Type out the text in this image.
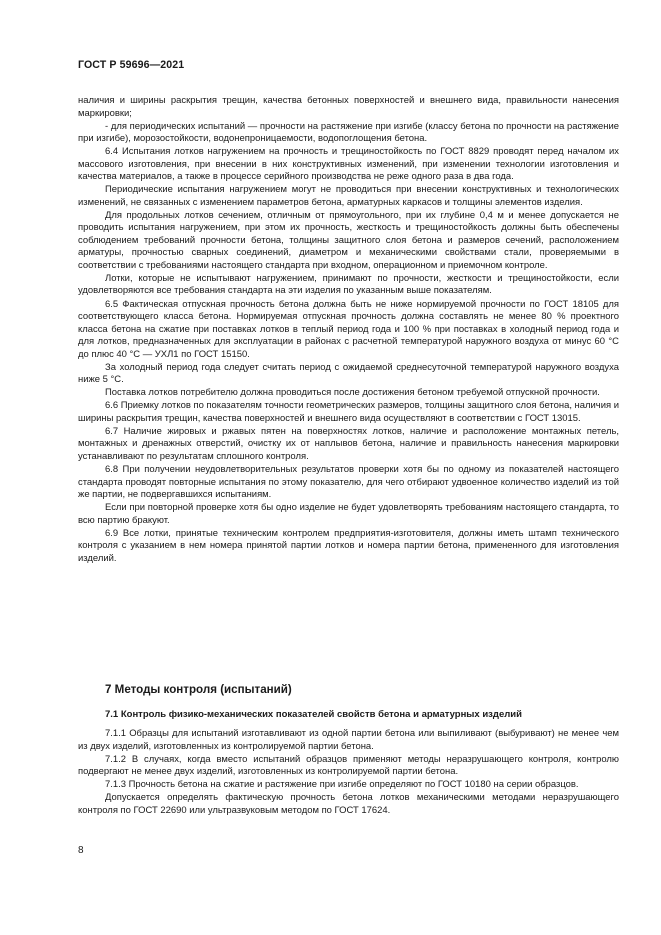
ГОСТ Р 59696—2021

наличия и ширины раскрытия трещин, качества бетонных поверхностей и внешнего вида, правильности нанесения маркировки;

- для периодических испытаний — прочности на растяжение при изгибе (классу бетона по прочности на растяжение при изгибе), морозостойкости, водонепроницаемости, водопоглощения бетона.

6.4 Испытания лотков нагружением на прочность и трещиностойкость по ГОСТ 8829 проводят перед началом их массового изготовления, при внесении в них конструктивных изменений, при изменении технологии изготовления и качества материалов, а также в процессе серийного производства не реже одного раза в два года.

Периодические испытания нагружением могут не проводиться при внесении конструктивных и технологических изменений, не связанных с изменением параметров бетона, арматурных каркасов и толщины элементов изделия.

Для продольных лотков сечением, отличным от прямоугольного, при их глубине 0,4 м и менее допускается не проводить испытания нагружением, при этом их прочность, жесткость и трещиностойкость должны быть обеспечены соблюдением требований прочности бетона, толщины защитного слоя бетона и размеров сечений, расположением арматуры, прочностью сварных соединений, диаметром и механическими свойствами стали, проверяемыми в соответствии с требованиями настоящего стандарта при входном, операционном и приемочном контроле.

Лотки, которые не испытывают нагружением, принимают по прочности, жесткости и трещиностойкости, если удовлетворяются все требования стандарта на эти изделия по указанным выше показателям.

6.5 Фактическая отпускная прочность бетона должна быть не ниже нормируемой прочности по ГОСТ 18105 для соответствующего класса бетона. Нормируемая отпускная прочность должна составлять не менее 80 % проектного класса бетона на сжатие при поставках лотков в теплый период года и 100 % при поставках в холодный период года и для лотков, предназначенных для эксплуатации в районах с расчетной температурой наружного воздуха от минус 60 °С до плюс 40 °С — УХЛ1 по ГОСТ 15150.

За холодный период года следует считать период с ожидаемой среднесуточной температурой наружного воздуха ниже 5 °С.

Поставка лотков потребителю должна проводиться после достижения бетоном требуемой отпускной прочности.

6.6 Приемку лотков по показателям точности геометрических размеров, толщины защитного слоя бетона, наличия и ширины раскрытия трещин, качества поверхностей и внешнего вида осуществляют в соответствии с ГОСТ 13015.

6.7 Наличие жировых и ржавых пятен на поверхностях лотков, наличие и расположение монтажных петель, монтажных и дренажных отверстий, очистку их от наплывов бетона, наличие и правильность нанесения маркировки устанавливают по результатам сплошного контроля.

6.8 При получении неудовлетворительных результатов проверки хотя бы по одному из показателей настоящего стандарта проводят повторные испытания по этому показателю, для чего отбирают удвоенное количество изделий из той же партии, не подвергавшихся испытаниям.

Если при повторной проверке хотя бы одно изделие не будет удовлетворять требованиям настоящего стандарта, то всю партию бракуют.

6.9 Все лотки, принятые техническим контролем предприятия-изготовителя, должны иметь штамп технического контроля с указанием в нем номера принятой партии лотков и номера партии бетона, примененного для изготовления изделий.

7 Методы контроля (испытаний)
7.1 Контроль физико-механических показателей свойств бетона и арматурных изделий

7.1.1 Образцы для испытаний изготавливают из одной партии бетона или выпиливают (выбуривают) не менее чем из двух изделий, изготовленных из контролируемой партии бетона.

7.1.2 В случаях, когда вместо испытаний образцов применяют методы неразрушающего контроля, контролю подвергают не менее двух изделий, изготовленных из контролируемой партии бетона.

7.1.3 Прочность бетона на сжатие и растяжение при изгибе определяют по ГОСТ 10180 на серии образцов.

Допускается определять фактическую прочность бетона лотков механическими методами неразрушающего контроля по ГОСТ 22690 или ультразвуковым методом по ГОСТ 17624.

8
